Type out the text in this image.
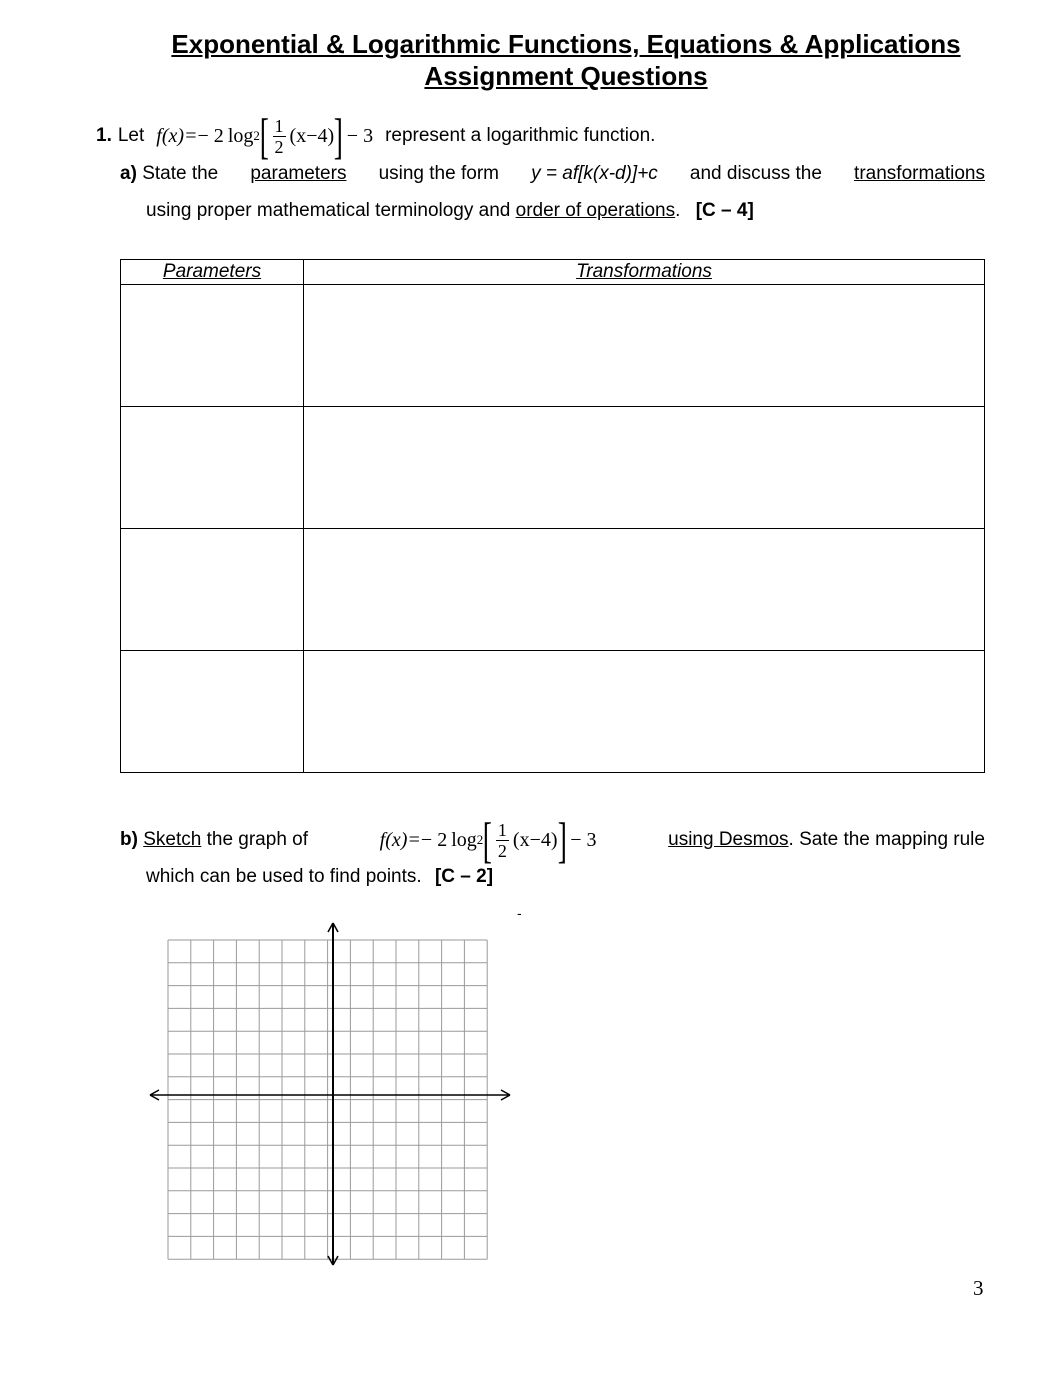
Exponential & Logarithmic Functions, Equations & Applications
Assignment Questions
1. Let f(x)= − 2 log 2 [ $\frac{1}{2} (x-4)$ ] − 3 represent a logarithmic function.
a) State the parameters using the form y = af[k(x-d)]+c and discuss the transformations
using proper mathematical terminology and order of operations. [C – 4]
Parameters	Transformations

b) Sketch the graph of	f(x)= − 2 log 2 [ $\frac{1}{2} (x-4)$ ] − 3	using Desmos. Sate the mapping rule
which can be used to find points. [C – 2]
-
3
